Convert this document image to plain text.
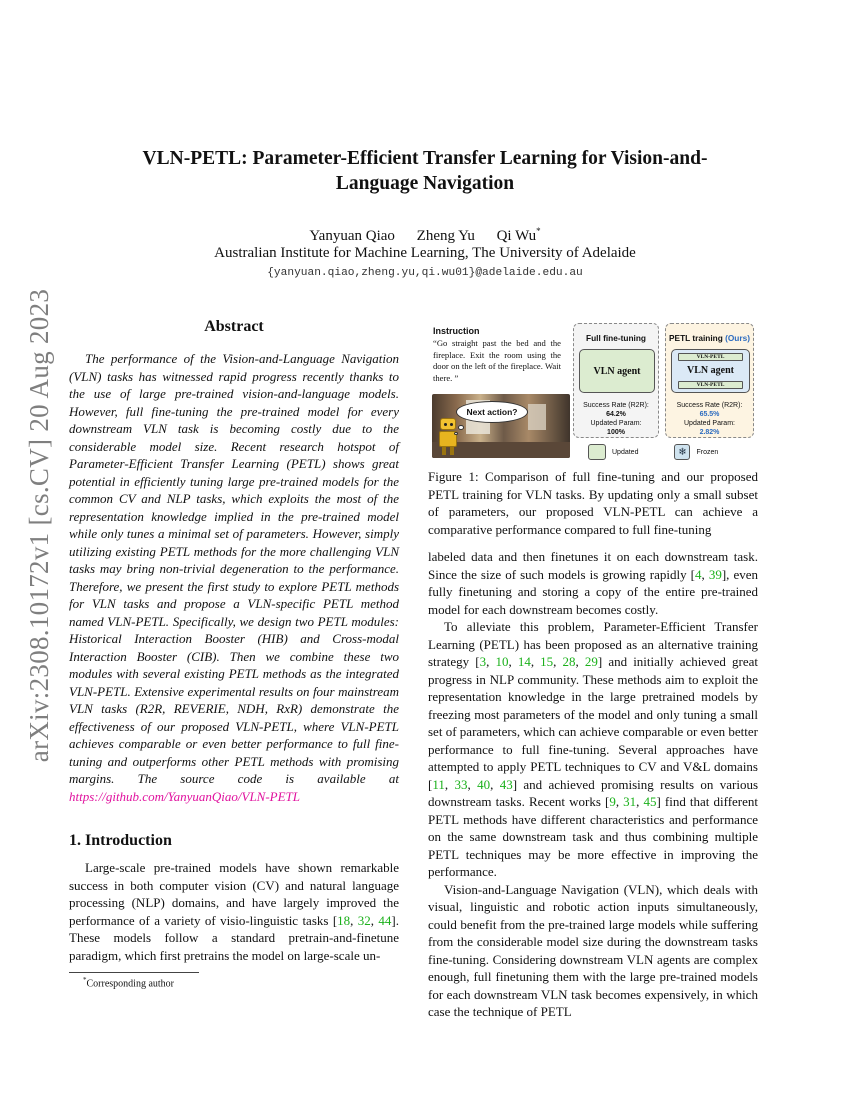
arXiv:2308.10172v1 [cs.CV] 20 Aug 2023
VLN-PETL: Parameter-Efficient Transfer Learning for Vision-and-Language Navigation
Yanyuan Qiao Zheng Yu Qi Wu*
Australian Institute for Machine Learning, The University of Adelaide
{yanyuan.qiao,zheng.yu,qi.wu01}@adelaide.edu.au
Abstract

The performance of the Vision-and-Language Navigation (VLN) tasks has witnessed rapid progress recently thanks to the use of large pre-trained vision-and-language models. However, full fine-tuning the pre-trained model for every downstream VLN task is becoming costly due to the considerable model size. Recent research hotspot of Parameter-Efficient Transfer Learning (PETL) shows great potential in efficiently tuning large pre-trained models for the common CV and NLP tasks, which exploits the most of the representation knowledge implied in the pre-trained model while only tunes a minimal set of parameters. However, simply utilizing existing PETL methods for the more challenging VLN tasks may bring non-trivial degeneration to the performance. Therefore, we present the first study to explore PETL methods for VLN tasks and propose a VLN-specific PETL method named VLN-PETL. Specifically, we design two PETL modules: Historical Interaction Booster (HIB) and Cross-modal Interaction Booster (CIB). Then we combine these two modules with several existing PETL methods as the integrated VLN-PETL. Extensive experimental results on four mainstream VLN tasks (R2R, REVERIE, NDH, RxR) demonstrate the effectiveness of our proposed VLN-PETL, where VLN-PETL achieves comparable or even better performance to full fine-tuning and outperforms other PETL methods with promising margins. The source code is available at https://github.com/YanyuanQiao/VLN-PETL

1. Introduction

Large-scale pre-trained models have shown remarkable success in both computer vision (CV) and natural language processing (NLP) domains, and have largely improved the performance of a variety of visio-linguistic tasks [18, 32, 44]. These models follow a standard pretrain-and-finetune paradigm, which first pretrains the model on large-scale un-

*Corresponding author
Instruction
“Go straight past the bed and the fireplace. Exit the room using the door on the left of the fireplace. Wait there. ”
Next action?
Full fine-tuning
VLN agent
Success Rate (R2R):
64.2%
Updated Param:
100%
PETL training (Ours)
VLN-PETL
VLN agent
VLN-PETL
Success Rate (R2R):
65.5%
Updated Param:
2.82%
Updated	❄	Frozen
Figure 1: Comparison of full fine-tuning and our proposed PETL training for VLN tasks. By updating only a small subset of parameters, our proposed VLN-PETL can achieve a comparative performance compared to full fine-tuning

labeled data and then finetunes it on each downstream task. Since the size of such models is growing rapidly [4, 39], even fully finetuning and storing a copy of the entire pre-trained model for each downstream becomes costly.

To alleviate this problem, Parameter-Efficient Transfer Learning (PETL) has been proposed as an alternative training strategy [3, 10, 14, 15, 28, 29] and initially achieved great progress in NLP community. These methods aim to exploit the representation knowledge in the large pretrained models by freezing most parameters of the model and only tuning a small set of parameters, which can achieve comparable or even better performance to full fine-tuning. Several approaches have attempted to apply PETL techniques to CV and V&L domains [11, 33, 40, 43] and achieved promising results on various downstream tasks. Recent works [9, 31, 45] find that different PETL methods have different characteristics and performance on the same downstream task and thus combining multiple PETL techniques may be more effective in improving the performance.

Vision-and-Language Navigation (VLN), which deals with visual, linguistic and robotic action inputs simultaneously, could benefit from the pre-trained large models while suffering from the considerable model size during the downstream tasks fine-tuning. Considering downstream VLN agents are complex enough, full finetuning them with the large pre-trained models for each downstream VLN task becomes expensively, in which case the technique of PETL
